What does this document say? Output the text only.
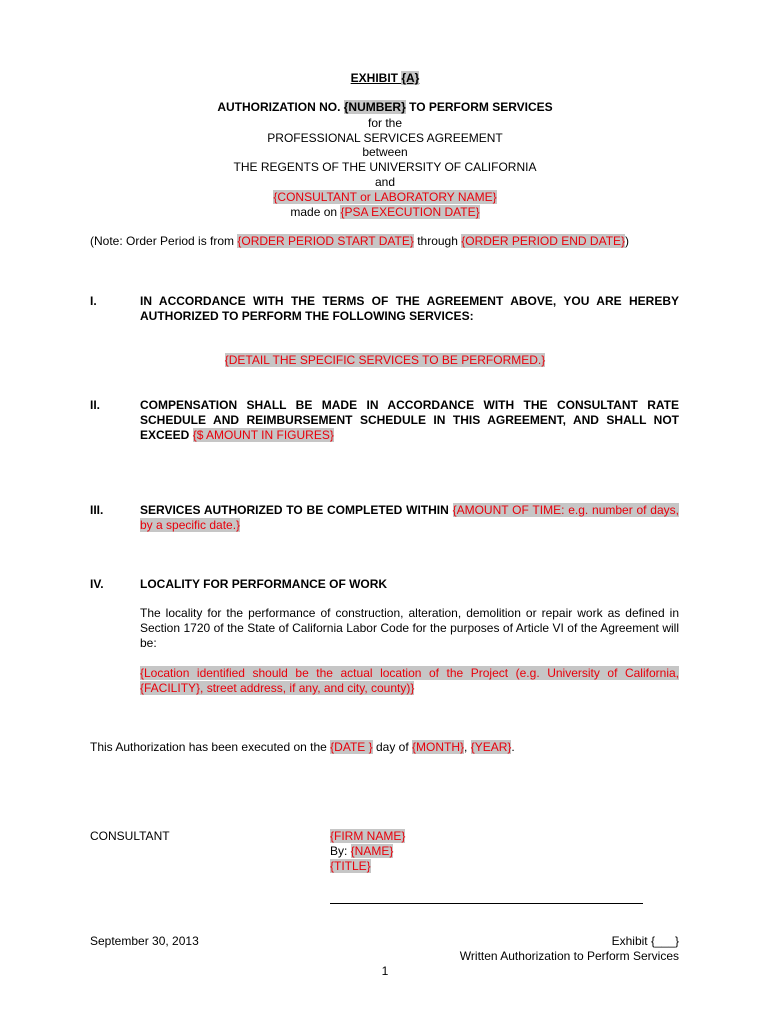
EXHIBIT {A}
AUTHORIZATION NO. {NUMBER} TO PERFORM SERVICES
for the
PROFESSIONAL SERVICES AGREEMENT
between
THE REGENTS OF THE UNIVERSITY OF CALIFORNIA
and
{CONSULTANT or LABORATORY NAME}
made on {PSA EXECUTION DATE}
(Note: Order Period is from {ORDER PERIOD START DATE} through {ORDER PERIOD END DATE})
I.	IN ACCORDANCE WITH THE TERMS OF THE AGREEMENT ABOVE, YOU ARE HEREBY AUTHORIZED TO PERFORM THE FOLLOWING SERVICES:
{DETAIL THE SPECIFIC SERVICES TO BE PERFORMED.}
II.	COMPENSATION SHALL BE MADE IN ACCORDANCE WITH THE CONSULTANT RATE SCHEDULE AND REIMBURSEMENT SCHEDULE IN THIS AGREEMENT, AND SHALL NOT EXCEED {$ AMOUNT IN FIGURES}
III.	SERVICES AUTHORIZED TO BE COMPLETED WITHIN {AMOUNT OF TIME: e.g. number of days, by a specific date.}
IV.	LOCALITY FOR PERFORMANCE OF WORK
The locality for the performance of construction, alteration, demolition or repair work as defined in Section 1720 of the State of California Labor Code for the purposes of Article VI of the Agreement will be:
{Location identified should be the actual location of the Project (e.g. University of California, {FACILITY}, street address, if any, and city, county)}
This Authorization has been executed on the {DATE } day of {MONTH}, {YEAR}.
CONSULTANT	{FIRM NAME}
By: {NAME}
{TITLE}
September 30, 2013	Exhibit {___}
Written Authorization to Perform Services
1
